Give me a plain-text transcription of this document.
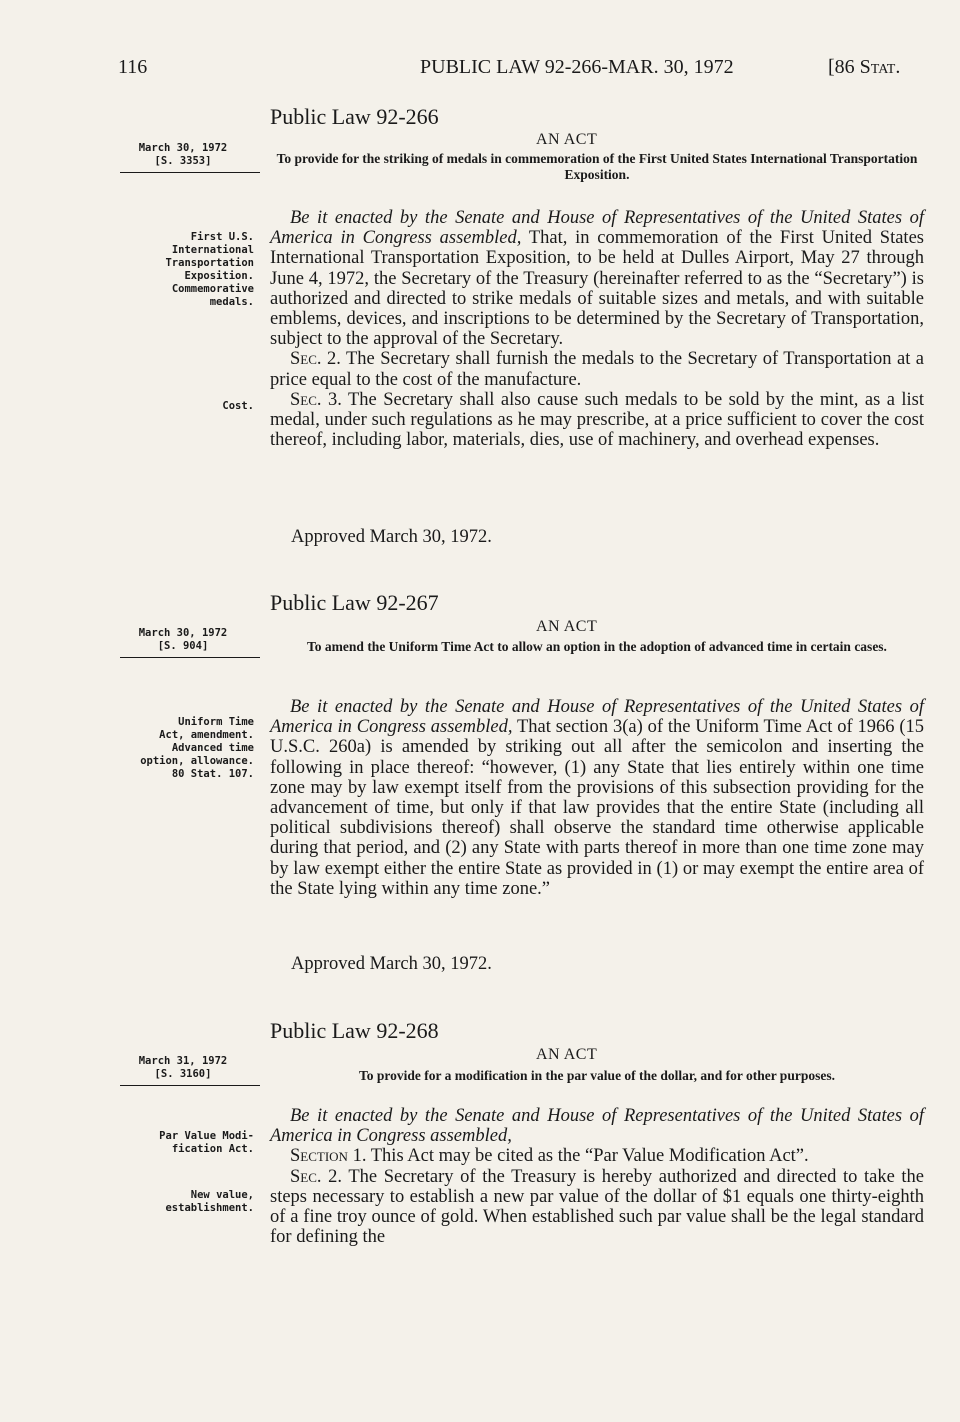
116	PUBLIC LAW 92-266-MAR. 30, 1972	[86 Stat.
Public Law 92-266
AN ACT
To provide for the striking of medals in commemoration of the First United States International Transportation Exposition.
March 30, 1972
[S. 3353]
First U.S.
International
Transportation
Exposition.
Commemorative
medals.
Cost.

Be it enacted by the Senate and House of Representatives of the United States of America in Congress assembled, That, in commemoration of the First United States International Transportation Exposition, to be held at Dulles Airport, May 27 through June 4, 1972, the Secretary of the Treasury (hereinafter referred to as the “Secretary”) is authorized and directed to strike medals of suitable sizes and metals, and with suitable emblems, devices, and inscriptions to be determined by the Secretary of Transportation, subject to the approval of the Secretary.

Sec. 2. The Secretary shall furnish the medals to the Secretary of Transportation at a price equal to the cost of the manufacture.

Sec. 3. The Secretary shall also cause such medals to be sold by the mint, as a list medal, under such regulations as he may prescribe, at a price sufficient to cover the cost thereof, including labor, materials, dies, use of machinery, and overhead expenses.

Approved March 30, 1972.
Public Law 92-267
AN ACT
To amend the Uniform Time Act to allow an option in the adoption of advanced time in certain cases.
March 30, 1972
[S. 904]
Uniform Time
Act, amendment.
Advanced time
option, allowance.
80 Stat. 107.

Be it enacted by the Senate and House of Representatives of the United States of America in Congress assembled, That section 3(a) of the Uniform Time Act of 1966 (15 U.S.C. 260a) is amended by striking out all after the semicolon and inserting the following in place thereof: “however, (1) any State that lies entirely within one time zone may by law exempt itself from the provisions of this subsection providing for the advancement of time, but only if that law provides that the entire State (including all political subdivisions thereof) shall observe the standard time otherwise applicable during that period, and (2) any State with parts thereof in more than one time zone may by law exempt either the entire State as provided in (1) or may exempt the entire area of the State lying within any time zone.”

Approved March 30, 1972.
Public Law 92-268
AN ACT
To provide for a modification in the par value of the dollar, and for other purposes.
March 31, 1972
[S. 3160]
Par Value Modi-
fication Act.
New value,
establishment.

Be it enacted by the Senate and House of Representatives of the United States of America in Congress assembled,

Section 1. This Act may be cited as the “Par Value Modification Act”.

Sec. 2. The Secretary of the Treasury is hereby authorized and directed to take the steps necessary to establish a new par value of the dollar of $1 equals one thirty-eighth of a fine troy ounce of gold. When established such par value shall be the legal standard for defining the
